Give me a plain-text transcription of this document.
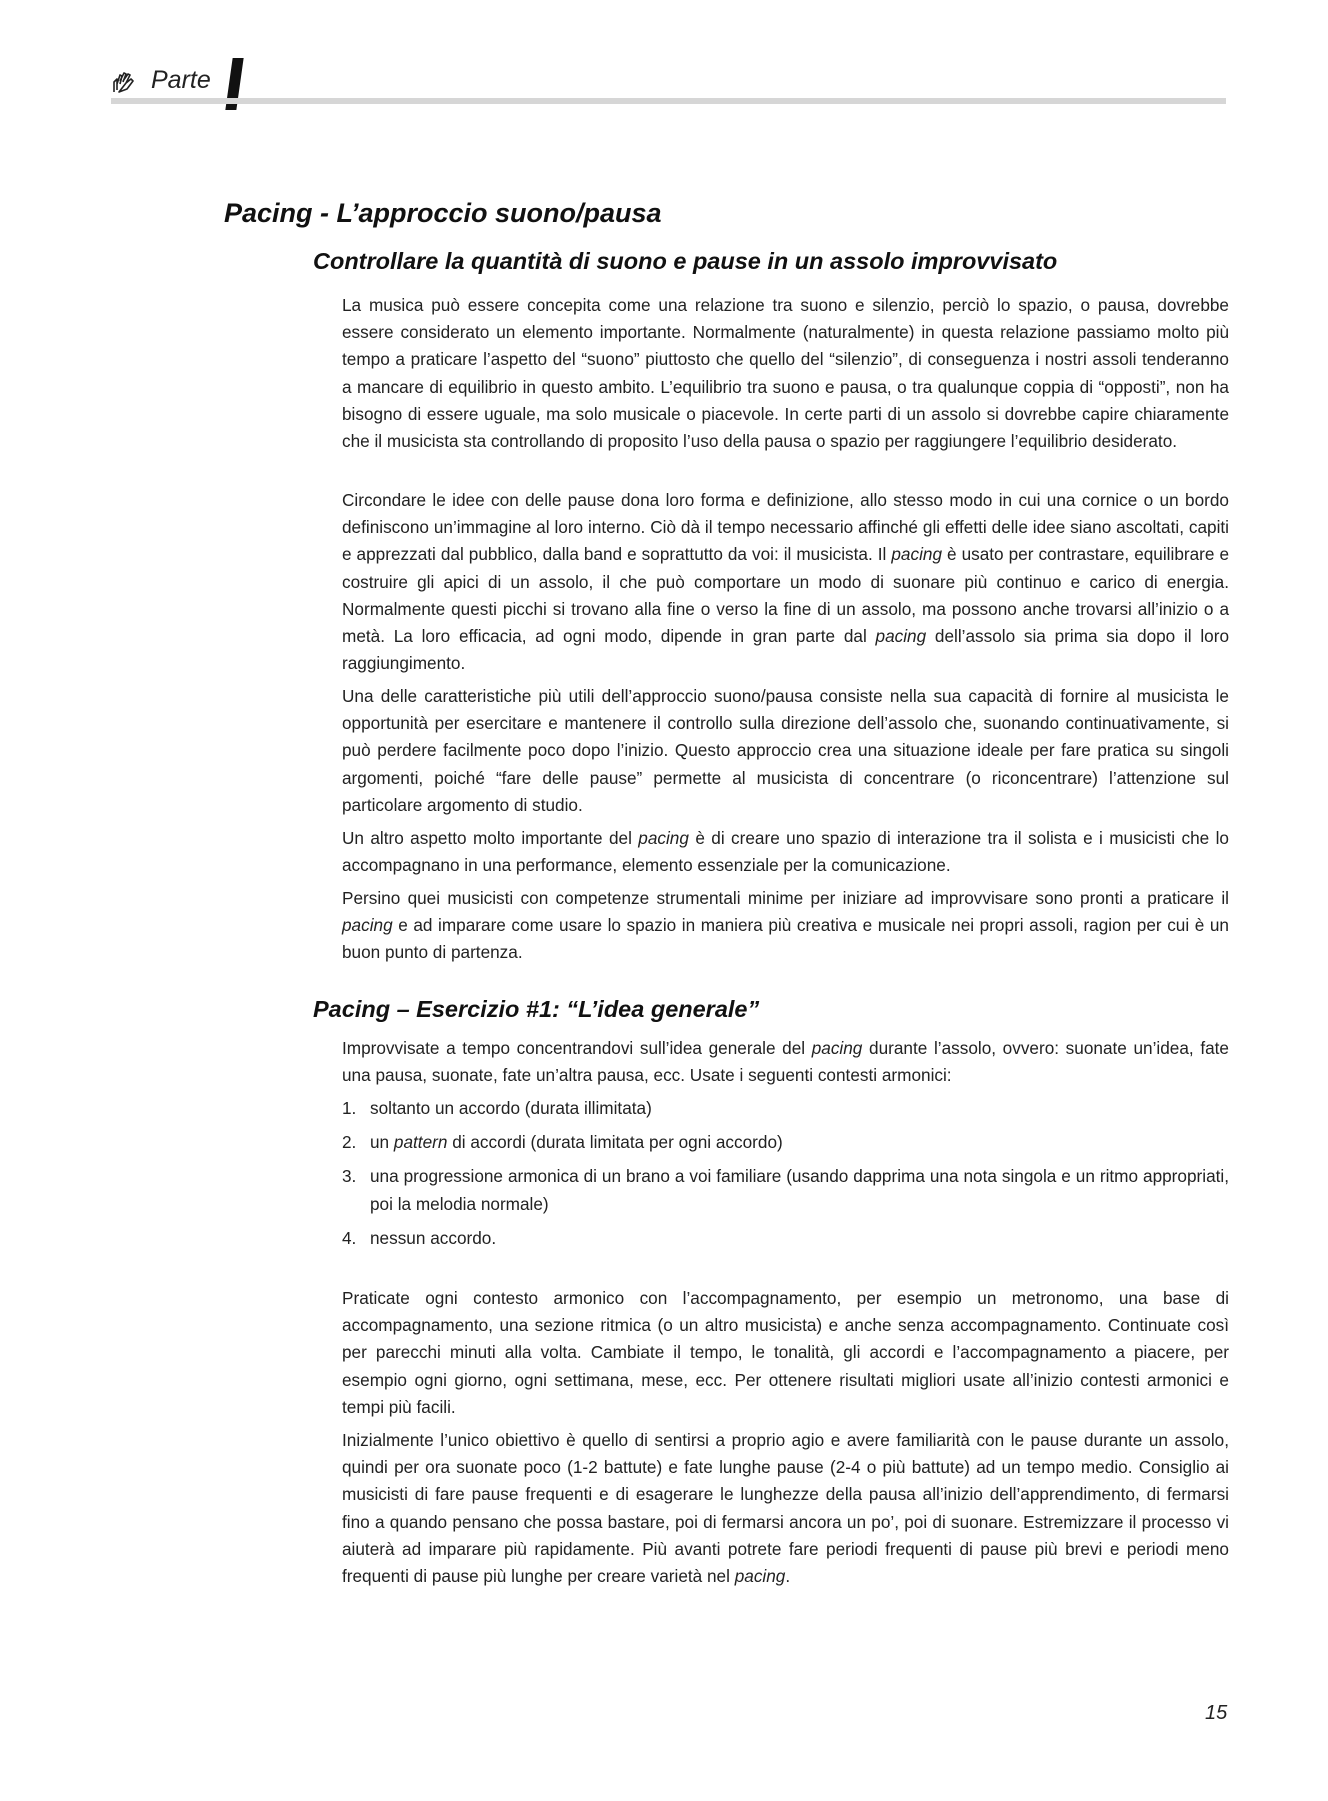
Parte
Pacing - L’approccio suono/pausa
Controllare la quantità di suono e pause in un assolo improvvisato

La musica può essere concepita come una relazione tra suono e silenzio, perciò lo spazio, o pausa, dovrebbe essere considerato un elemento importante. Normalmente (naturalmente) in questa relazione passiamo molto più tempo a praticare l’aspetto del “suono” piuttosto che quello del “silenzio”, di conseguenza i nostri assoli tenderanno a mancare di equilibrio in questo ambito. L’equilibrio tra suono e pausa, o tra qualunque coppia di “opposti”, non ha bisogno di essere uguale, ma solo musicale o piacevole. In certe parti di un assolo si dovrebbe capire chiaramente che il musicista sta controllando di proposito l’uso della pausa o spazio per raggiungere l’equilibrio desiderato.

Circondare le idee con delle pause dona loro forma e definizione, allo stesso modo in cui una cornice o un bordo definiscono un’immagine al loro interno. Ciò dà il tempo necessario affinché gli effetti delle idee siano ascoltati, capiti e apprezzati dal pubblico, dalla band e soprattutto da voi: il musicista. Il pacing è usato per contrastare, equilibrare e costruire gli apici di un assolo, il che può comportare un modo di suonare più continuo e carico di energia. Normalmente questi picchi si trovano alla fine o verso la fine di un assolo, ma possono anche trovarsi all’inizio o a metà. La loro efficacia, ad ogni modo, dipende in gran parte dal pacing dell’assolo sia prima sia dopo il loro raggiungimento.

Una delle caratteristiche più utili dell’approccio suono/pausa consiste nella sua capacità di fornire al musicista le opportunità per esercitare e mantenere il controllo sulla direzione dell’assolo che, suonando continuativamente, si può perdere facilmente poco dopo l’inizio. Questo approccio crea una situazione ideale per fare pratica su singoli argomenti, poiché “fare delle pause” permette al musicista di concentrare (o riconcentrare) l’attenzione sul particolare argomento di studio.

Un altro aspetto molto importante del pacing è di creare uno spazio di interazione tra il solista e i musicisti che lo accompagnano in una performance, elemento essenziale per la comunicazione.

Persino quei musicisti con competenze strumentali minime per iniziare ad improvvisare sono pronti a praticare il pacing e ad imparare come usare lo spazio in maniera più creativa e musicale nei propri assoli, ragion per cui è un buon punto di partenza.

Pacing – Esercizio #1: “L’idea generale”

Improvvisate a tempo concentrandovi sull’idea generale del pacing durante l’assolo, ovvero: suonate un’idea, fate una pausa, suonate, fate un’altra pausa, ecc. Usate i seguenti contesti armonici:

1. soltanto un accordo (durata illimitata)
2. un pattern di accordi (durata limitata per ogni accordo)
3. una progressione armonica di un brano a voi familiare (usando dapprima una nota singola e un ritmo appropriati, poi la melodia normale)
4. nessun accordo.

Praticate ogni contesto armonico con l’accompagnamento, per esempio un metronomo, una base di accompagnamento, una sezione ritmica (o un altro musicista) e anche senza accompagnamento. Continuate così per parecchi minuti alla volta. Cambiate il tempo, le tonalità, gli accordi e l’accompagnamento a piacere, per esempio ogni giorno, ogni settimana, mese, ecc. Per ottenere risultati migliori usate all’inizio contesti armonici e tempi più facili.

Inizialmente l’unico obiettivo è quello di sentirsi a proprio agio e avere familiarità con le pause durante un assolo, quindi per ora suonate poco (1-2 battute) e fate lunghe pause (2-4 o più battute) ad un tempo medio. Consiglio ai musicisti di fare pause frequenti e di esagerare le lunghezze della pausa all’inizio dell’apprendimento, di fermarsi fino a quando pensano che possa bastare, poi di fermarsi ancora un po’, poi di suonare. Estremizzare il processo vi aiuterà ad imparare più rapidamente. Più avanti potrete fare periodi frequenti di pause più brevi e periodi meno frequenti di pause più lunghe per creare varietà nel pacing.

15
